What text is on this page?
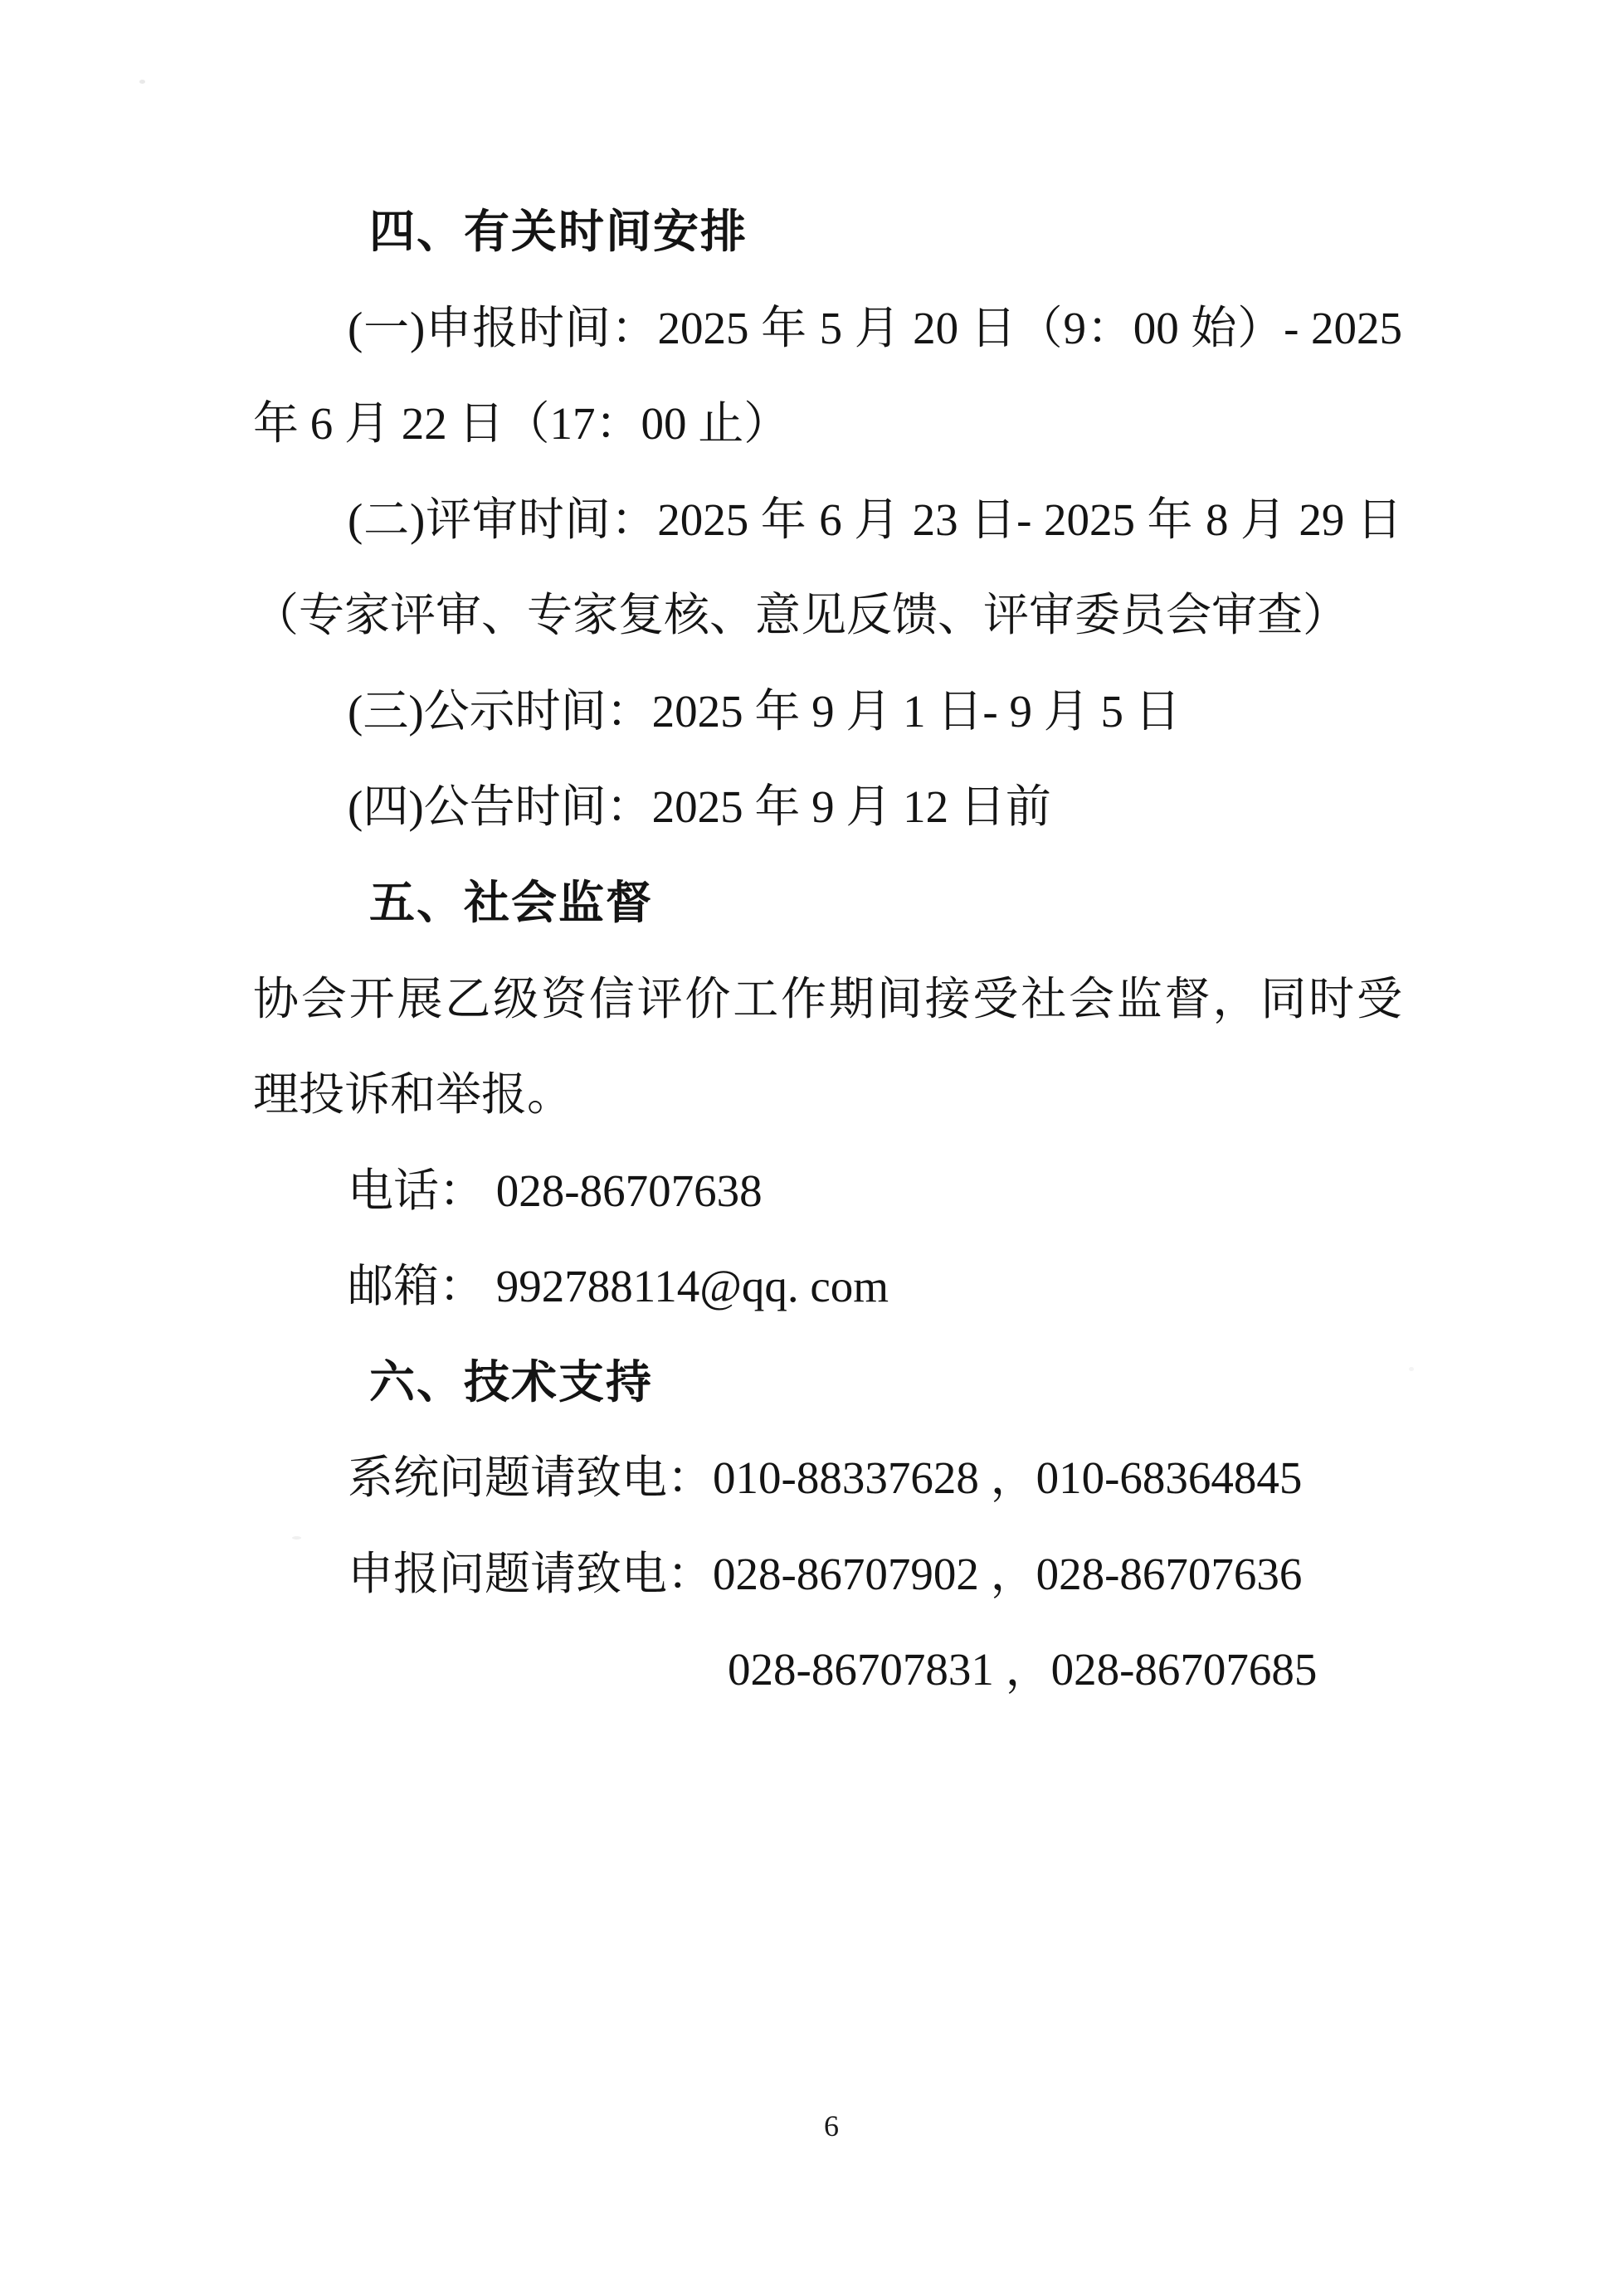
四、有关时间安排
(一)申报时间：2025 年 5 月 20 日（9：00 始）- 2025
年 6 月 22 日（17：00 止）
(二)评审时间：2025 年 6 月 23 日- 2025 年 8 月 29 日
（专家评审、专家复核、意见反馈、评审委员会审查）
(三)公示时间：2025 年 9 月 1 日- 9 月 5 日
(四)公告时间：2025 年 9 月 12 日前
五、社会监督
协会开展乙级资信评价工作期间接受社会监督，同时受
理投诉和举报。
电话： 028-86707638
邮箱： 992788114@qq. com
六、技术支持
系统问题请致电：010-88337628 ，010-68364845
申报问题请致电：028-86707902 ，028-86707636
028-86707831 ，028-86707685
6
